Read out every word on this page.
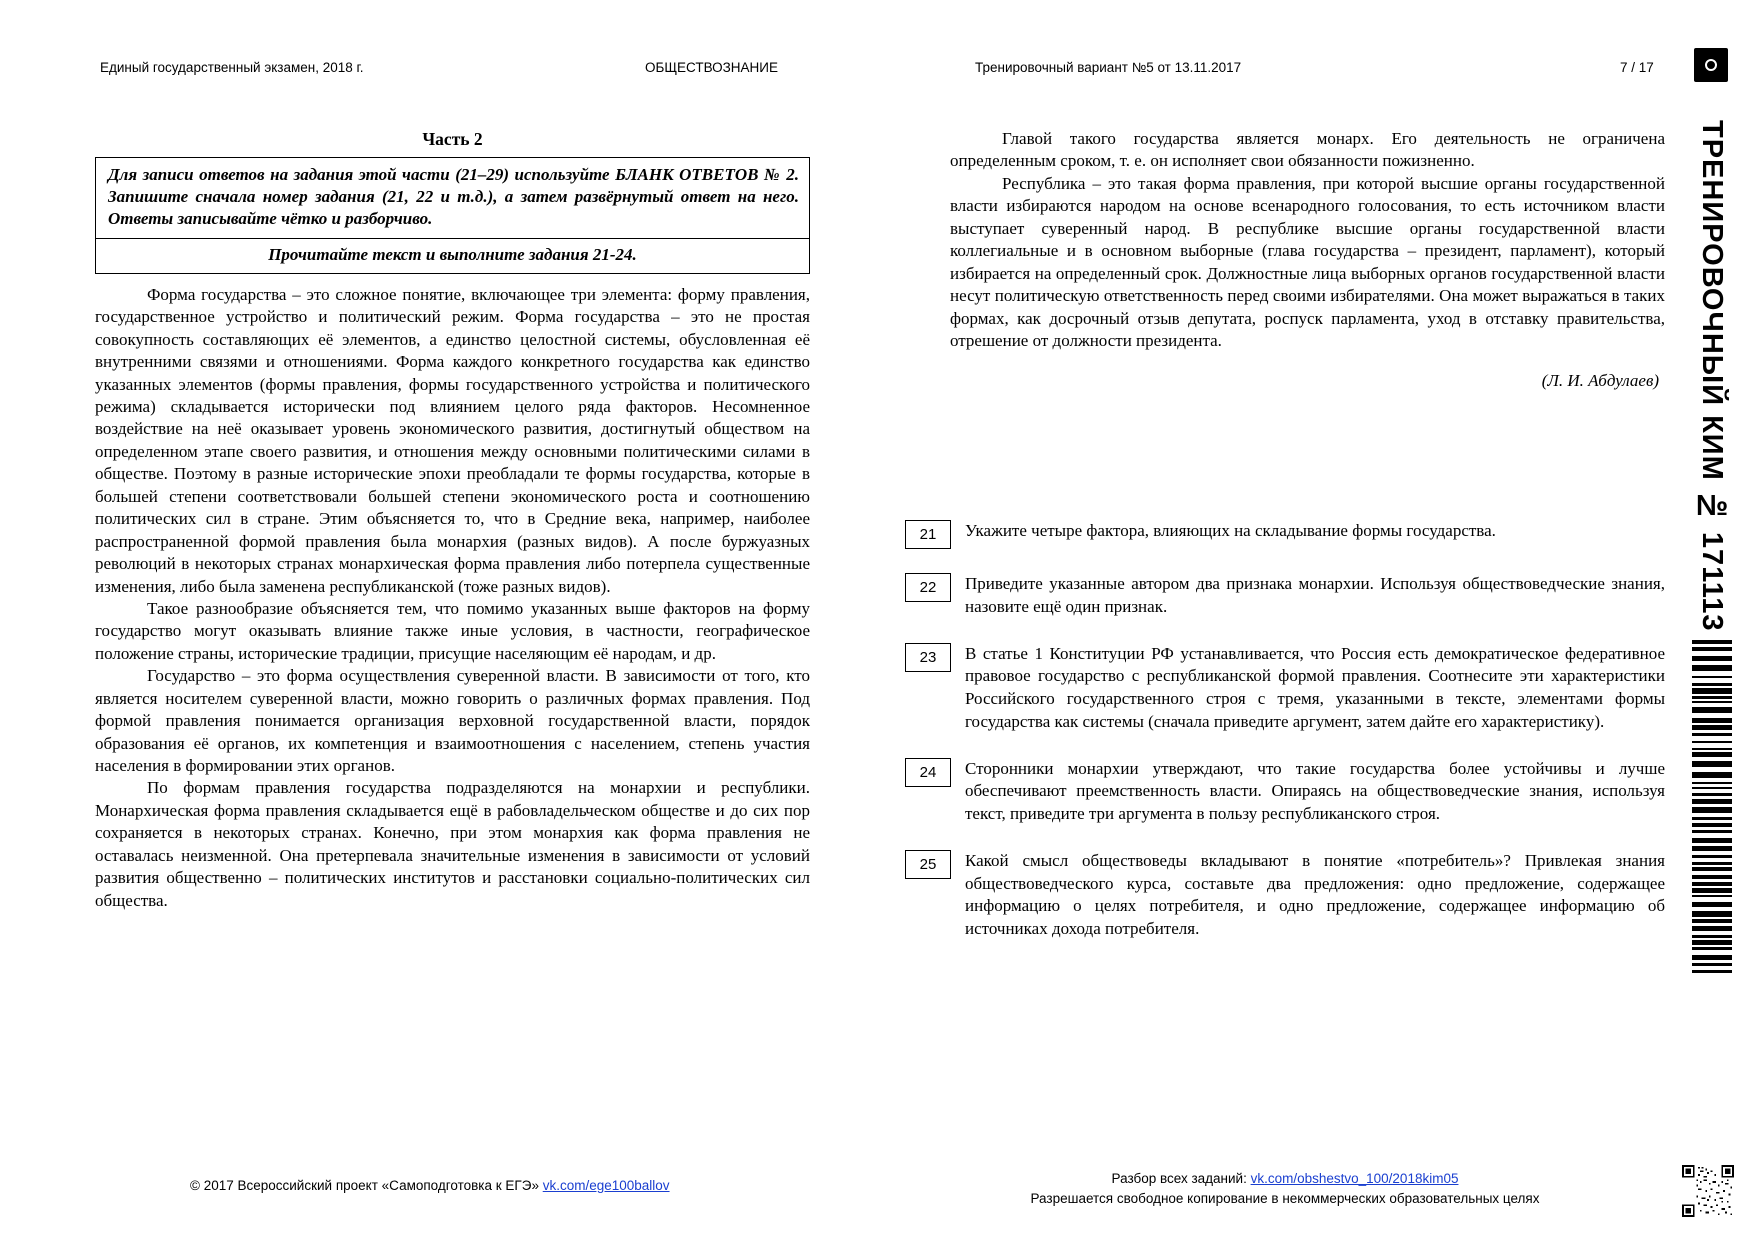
Единый государственный экзамен, 2018 г.	ОБЩЕСТВОЗНАНИЕ	Тренировочный вариант №5 от 13.11.2017	7 / 17
ТРЕНИРОВОЧНЫЙ КИМ № 171113
Часть 2
Для записи ответов на задания этой части (21–29) используйте БЛАНК ОТВЕТОВ № 2. Запишите сначала номер задания (21, 22 и т.д.), а затем развёрнутый ответ на него. Ответы записывайте чётко и разборчиво.
Прочитайте текст и выполните задания 21-24.

Форма государства – это сложное понятие, включающее три элемента: форму правления, государственное устройство и политический режим. Форма государства – это не простая совокупность составляющих её элементов, а единство целостной системы, обусловленная её внутренними связями и отношениями. Форма каждого конкретного государства как единство указанных элементов (формы правления, формы государственного устройства и политического режима) складывается исторически под влиянием целого ряда факторов. Несомненное воздействие на неё оказывает уровень экономического развития, достигнутый обществом на определенном этапе своего развития, и отношения между основными политическими силами в обществе. Поэтому в разные исторические эпохи преобладали те формы государства, которые в большей степени соответствовали большей степени экономического роста и соотношению политических сил в стране. Этим объясняется то, что в Средние века, например, наиболее распространенной формой правления была монархия (разных видов). А после буржуазных революций в некоторых странах монархическая форма правления либо потерпела существенные изменения, либо была заменена республиканской (тоже разных видов).

Такое разнообразие объясняется тем, что помимо указанных выше факторов на форму государство могут оказывать влияние также иные условия, в частности, географическое положение страны, исторические традиции, присущие населяющим её народам, и др.

Государство – это форма осуществления суверенной власти. В зависимости от того, кто является носителем суверенной власти, можно говорить о различных формах правления. Под формой правления понимается организация верховной государственной власти, порядок образования её органов, их компетенция и взаимоотношения с населением, степень участия населения в формировании этих органов.

По формам правления государства подразделяются на монархии и республики. Монархическая форма правления складывается ещё в рабовладельческом обществе и до сих пор сохраняется в некоторых странах. Конечно, при этом монархия как форма правления не оставалась неизменной. Она претерпевала значительные изменения в зависимости от условий развития общественно – политических институтов и расстановки социально-политических сил общества.

Главой такого государства является монарх. Его деятельность не ограничена определенным сроком, т. е. он исполняет свои обязанности пожизненно.

Республика – это такая форма правления, при которой высшие органы государственной власти избираются народом на основе всенародного голосования, то есть источником власти выступает суверенный народ. В республике высшие органы государственной власти коллегиальные и в основном выборные (глава государства – президент, парламент), который избирается на определенный срок. Должностные лица выборных органов государственной власти несут политическую ответственность перед своими избирателями. Она может выражаться в таких формах, как досрочный отзыв депутата, роспуск парламента, уход в отставку правительства, отрешение от должности президента.

(Л. И. Абдулаев)
21	Укажите четыре фактора, влияющих на складывание формы государства.
22	Приведите указанные автором два признака монархии. Используя обществоведческие знания, назовите ещё один признак.
23	В статье 1 Конституции РФ устанавливается, что Россия есть демократическое федеративное правовое государство с республиканской формой правления. Соотнесите эти характеристики Российского государственного строя с тремя, указанными в тексте, элементами формы государства как системы (сначала приведите аргумент, затем дайте его характеристику).
24	Сторонники монархии утверждают, что такие государства более устойчивы и лучше обеспечивают преемственность власти. Опираясь на обществоведческие знания, используя текст, приведите три аргумента в пользу республиканского строя.
25	Какой смысл обществоведы вкладывают в понятие «потребитель»? Привлекая знания обществоведческого курса, составьте два предложения: одно предложение, содержащее информацию о целях потребителя, и одно предложение, содержащее информацию об источниках дохода потребителя.
© 2017 Всероссийский проект «Самоподготовка к ЕГЭ» vk.com/ege100ballov	Разбор всех заданий: vk.com/obshestvo_100/2018kim05
Разрешается свободное копирование в некоммерческих образовательных целях
